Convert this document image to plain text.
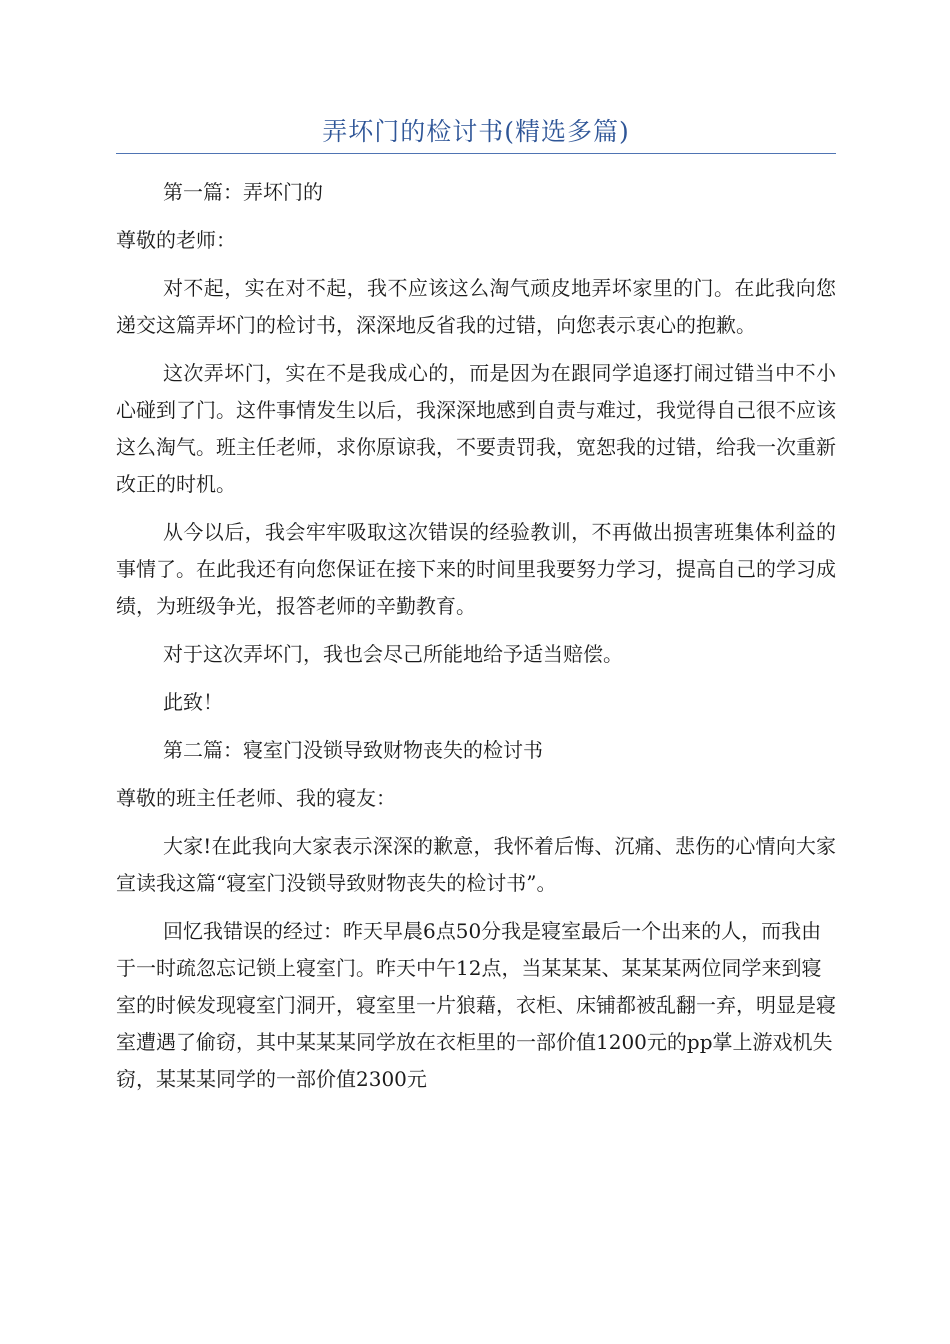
弄坏门的检讨书(精选多篇)

第一篇：弄坏门的

尊敬的老师：

对不起，实在对不起，我不应该这么淘气顽皮地弄坏家里的门。在此我向您递交这篇弄坏门的检讨书，深深地反省我的过错，向您表示衷心的抱歉。

这次弄坏门，实在不是我成心的，而是因为在跟同学追逐打闹过错当中不小心碰到了门。这件事情发生以后，我深深地感到自责与难过，我觉得自己很不应该这么淘气。班主任老师，求你原谅我，不要责罚我，宽恕我的过错，给我一次重新改正的时机。

从今以后，我会牢牢吸取这次错误的经验教训，不再做出损害班集体利益的事情了。在此我还有向您保证在接下来的时间里我要努力学习，提高自己的学习成绩，为班级争光，报答老师的辛勤教育。

对于这次弄坏门，我也会尽己所能地给予适当赔偿。

此致！

第二篇：寝室门没锁导致财物丧失的检讨书

尊敬的班主任老师、我的寝友：

大家!在此我向大家表示深深的歉意，我怀着后悔、沉痛、悲伤的心情向大家宣读我这篇“寝室门没锁导致财物丧失的检讨书”。

回忆我错误的经过：昨天早晨6点50分我是寝室最后一个出来的人，而我由于一时疏忽忘记锁上寝室门。昨天中午12点，当某某某、某某某两位同学来到寝室的时候发现寝室门洞开，寝室里一片狼藉，衣柜、床铺都被乱翻一弃，明显是寝室遭遇了偷窃，其中某某某同学放在衣柜里的一部价值1200元的pp掌上游戏机失窃，某某某同学的一部价值2300元
